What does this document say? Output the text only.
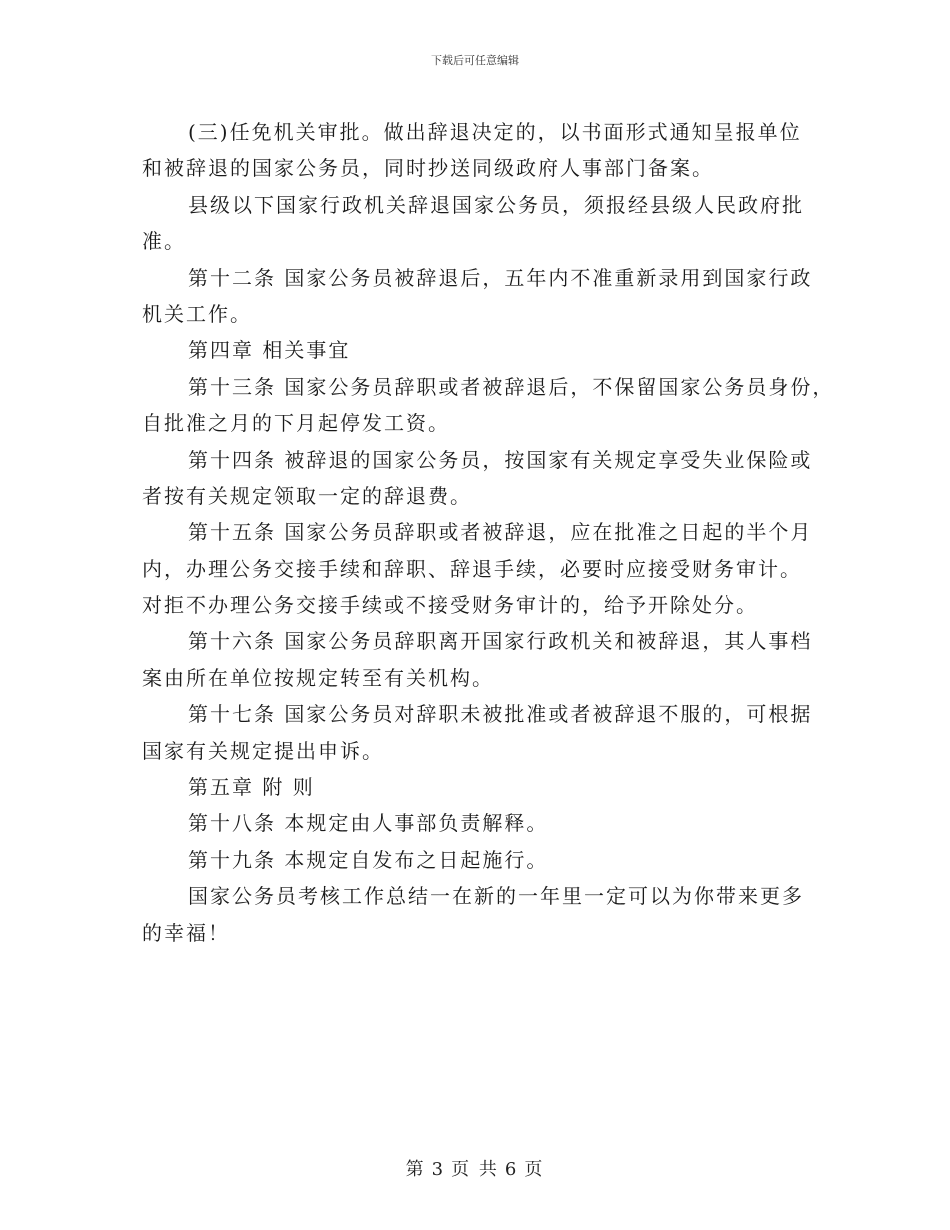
下载后可任意编辑
(三)任免机关审批。做出辞退决定的，以书面形式通知呈报单位
和被辞退的国家公务员，同时抄送同级政府人事部门备案。
县级以下国家行政机关辞退国家公务员，须报经县级人民政府批
准。
第十二条 国家公务员被辞退后，五年内不准重新录用到国家行政
机关工作。
第四章 相关事宜
第十三条 国家公务员辞职或者被辞退后，不保留国家公务员身份，
自批准之月的下月起停发工资。
第十四条 被辞退的国家公务员，按国家有关规定享受失业保险或
者按有关规定领取一定的辞退费。
第十五条 国家公务员辞职或者被辞退，应在批准之日起的半个月
内，办理公务交接手续和辞职、辞退手续，必要时应接受财务审计。
对拒不办理公务交接手续或不接受财务审计的，给予开除处分。
第十六条 国家公务员辞职离开国家行政机关和被辞退，其人事档
案由所在单位按规定转至有关机构。
第十七条 国家公务员对辞职未被批准或者被辞退不服的，可根据
国家有关规定提出申诉。
第五章 附 则
第十八条 本规定由人事部负责解释。
第十九条 本规定自发布之日起施行。
国家公务员考核工作总结一在新的一年里一定可以为你带来更多
的幸福！
第 3 页 共 6 页
